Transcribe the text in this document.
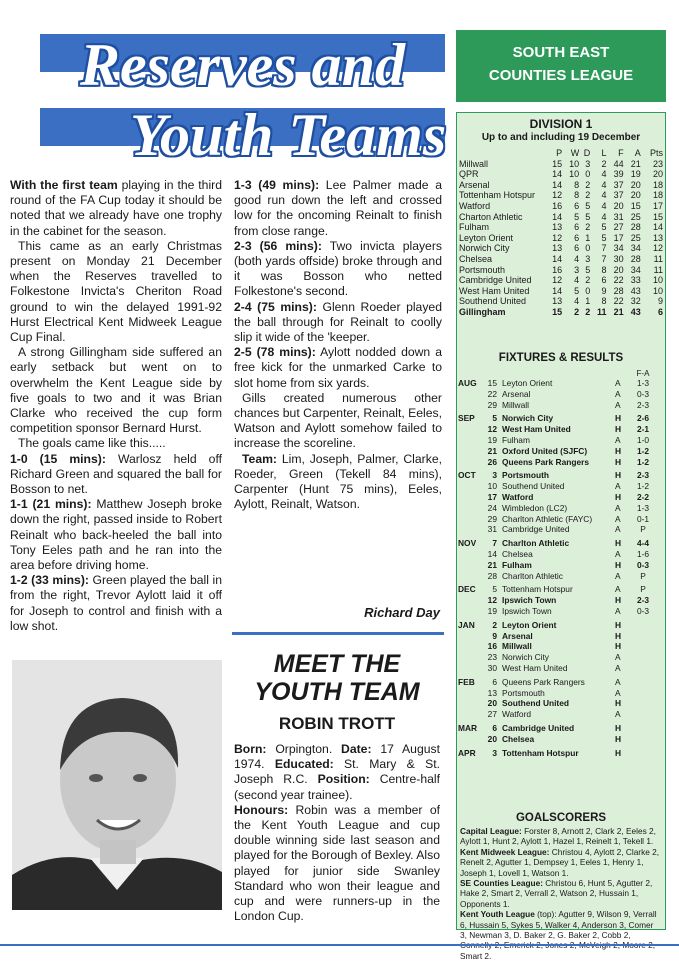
Reserves and
Youth Teams

With the first team playing in the third round of the FA Cup today it should be noted that we already have one trophy in the cabinet for the season.

This came as an early Christmas present on Monday 21 December when the Reserves travelled to Folkestone Invicta's Cheriton Road ground to win the delayed 1991-92 Hurst Electrical Kent Midweek League Cup Final.

A strong Gillingham side suffered an early setback but went on to overwhelm the Kent League side by five goals to two and it was Brian Clarke who received the cup form competition sponsor Bernard Hurst.

The goals came like this.....

1-0 (15 mins): Warlosz held off Richard Green and squared the ball for Bosson to net.

1-1 (21 mins): Matthew Joseph broke down the right, passed inside to Robert Reinalt who back-heeled the ball into Tony Eeles path and he ran into the area before driving home.

1-2 (33 mins): Green played the ball in from the right, Trevor Aylott laid it off for Joseph to control and finish with a low shot.

1-3 (49 mins): Lee Palmer made a good run down the left and crossed low for the oncoming Reinalt to finish from close range.

2-3 (56 mins): Two invicta players (both yards offside) broke through and it was Bosson who netted Folkestone's second.

2-4 (75 mins): Glenn Roeder played the ball through for Reinalt to coolly slip it wide of the 'keeper.

2-5 (78 mins): Aylott nodded down a free kick for the unmarked Carke to slot home from six yards.

Gills created numerous other chances but Carpenter, Reinalt, Eeles, Watson and Aylott somehow failed to increase the scoreline.

Team: Lim, Joseph, Palmer, Clarke, Roeder, Green (Tekell 84 mins), Carpenter (Hunt 75 mins), Eeles, Aylott, Reinalt, Watson.

Richard Day
MEET THE
YOUTH TEAM
ROBIN TROTT

Born: Orpington. Date: 17 August 1974. Educated: St. Mary & St. Joseph R.C. Position: Centre-half (second year trainee).

Honours: Robin was a member of the Kent Youth League and cup double winning side last season and played for the Borough of Bexley. Also played for junior side Swanley Standard who won their league and cup and were runners-up in the London Cup.

SOUTH EAST
COUNTIES LEAGUE
DIVISION 1
Up to and including 19 December
	P	W	D	L	F	A	Pts
Millwall	15	10	3	2	44	21	23
QPR	14	10	0	4	39	19	20
Arsenal	14	8	2	4	37	20	18
Tottenham Hotspur	12	8	2	4	37	20	18
Watford	16	6	5	4	20	15	17
Charton Athletic	14	5	5	4	31	25	15
Fulham	13	6	2	5	27	28	14
Leyton Orient	12	6	1	5	17	25	13
Norwich City	13	6	0	7	34	34	12
Chelsea	14	4	3	7	30	28	11
Portsmouth	16	3	5	8	20	34	11
Cambridge United	12	4	2	6	22	33	10
West Ham United	14	5	0	9	28	43	10
Southend United	13	4	1	8	22	32	9
Gillingham	15	2	2	11	21	43	6
FIXTURES & RESULTS
F-A
AUG	15 Leyton Orient	A	1-3
22 Arsenal	A	0-3
29 Millwall	A	2-3
SEP	5 Norwich City	H	2-6
12 West Ham United	H	2-1
19 Fulham	A	1-0
21 Oxford United (SJFC)	H	1-2
26 Queens Park Rangers	H	1-2
OCT	3 Portsmouth	H	2-3
10 Southend United	A	1-2
17 Watford	H	2-2
24 Wimbledon (LC2)	A	1-3
29 Charlton Athletic (FAYC)	A	0-1
31 Cambridge United	A	P
NOV	7 Charlton Athletic	H	4-4
14 Chelsea	A	1-6
21 Fulham	H	0-3
28 Charlton Athletic	A	P
DEC	5 Tottenham Hotspur	A	P
12 Ipswich Town	H	2-3
19 Ipswich Town	A	0-3
JAN	2 Leyton Orient	H
9 Arsenal	H
16 Millwall	H
23 Norwich City	A
30 West Ham United	A
FEB	6 Queens Park Rangers	A
13 Portsmouth	A
20 Southend United	H
27 Watford	A
MAR	6 Cambridge United	H
20 Chelsea	H
APR	3 Tottenham Hotspur	H
GOALSCORERS

Capital League: Forster 8, Arnott 2, Clark 2, Eeles 2, Aylott 1, Hunt 2, Aylott 1, Hazel 1, Reinelt 1, Tekell 1.

Kent Midweek League: Christou 4, Aylott 2, Clarke 2, Renelt 2, Agutter 1, Dempsey 1, Eeles 1, Henry 1, Joseph 1, Lovell 1, Watson 1.

SE Counties League: Christou 6, Hunt 5, Agutter 2, Hake 2, Smart 2, Verrall 2, Watson 2, Hussain 1, Opponents 1.

Kent Youth League (top): Agutter 9, Wilson 9, Verrall 6, Hussain 5, Sykes 5, Walker 4, Anderson 3, Comer 3, Newman 3, D. Baker 2, G. Baker 2, Cobb 2, Smart 2.
